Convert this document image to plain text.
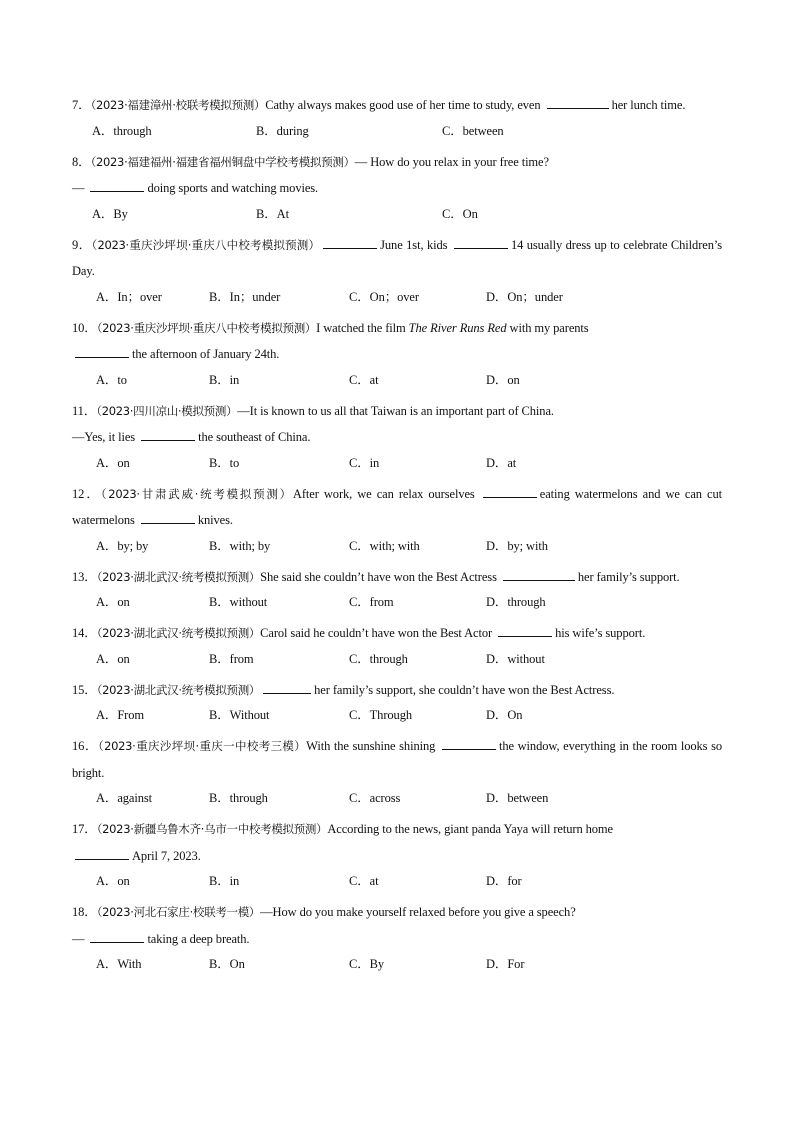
7．（2023·福建漳州·校联考模拟预测）Cathy always makes good use of her time to study, even	her lunch time.
A．through	B．during	C．between
8．（2023·福建福州·福建省福州铜盘中学校考模拟预测）— How do you relax in your free time?
—	doing sports and watching movies.
A．By	B．At	C．On
9．（2023·重庆沙坪坝·重庆八中校考模拟预测）	June 1st, kids	14 usually dress up to celebrate Children’s Day.
A．In；over	B．In；under	C．On；over	D．On；under
10．（2023·重庆沙坪坝·重庆八中校考模拟预测）I watched the film The River Runs Red with my parents
the afternoon of January 24th.
A．to	B．in	C．at	D．on
11．（2023·四川凉山·模拟预测）—It is known to us all that Taiwan is an important part of China.
—Yes, it lies	the southeast of China.
A．on	B．to	C．in	D．at
12．（2023·甘肃武威·统考模拟预测）After work, we can relax ourselves	eating watermelons and we can cut watermelons	knives.
A．by; by	B．with; by	C．with; with	D．by; with
13．（2023·湖北武汉·统考模拟预测）She said she couldn’t have won the Best Actress	her family’s support.
A．on	B．without	C．from	D．through
14．（2023·湖北武汉·统考模拟预测）Carol said he couldn’t have won the Best Actor	his wife’s support.
A．on	B．from	C．through	D．without
15．（2023·湖北武汉·统考模拟预测）	her family’s support, she couldn’t have won the Best Actress.
A．From	B．Without	C．Through	D．On
16．（2023·重庆沙坪坝·重庆一中校考三模）With the sunshine shining	the window, everything in the room looks so bright.
A．against	B．through	C．across	D．between
17．（2023·新疆乌鲁木齐·乌市一中校考模拟预测）According to the news, giant panda Yaya will return home
April 7, 2023.
A．on	B．in	C．at	D．for
18．（2023·河北石家庄·校联考一模）—How do you make yourself relaxed before you give a speech?
—	taking a deep breath.
A．With	B．On	C．By	D．For
